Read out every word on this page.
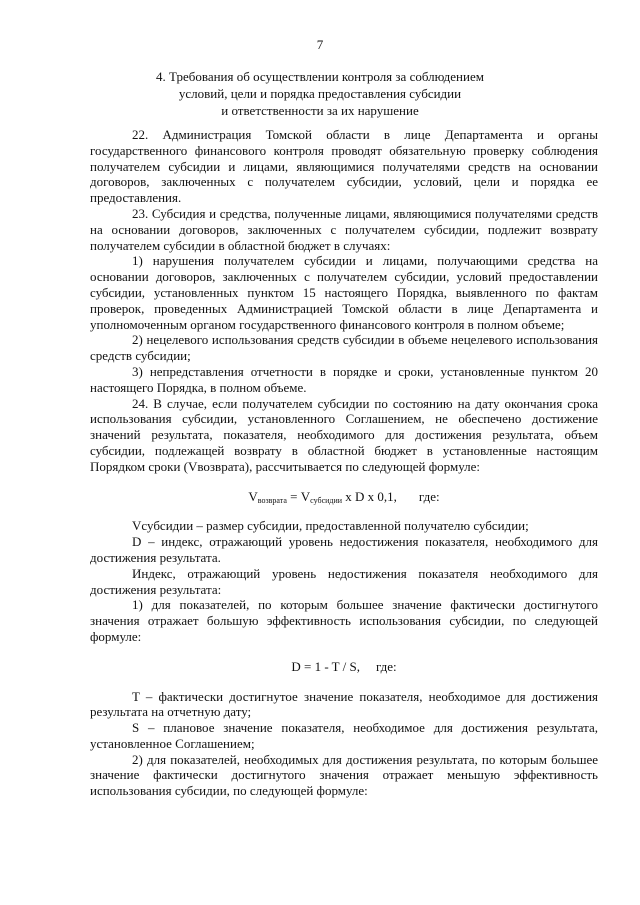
7
4. Требования об осуществлении контроля за соблюдением
условий, цели и порядка предоставления субсидии
и ответственности за их нарушение

22. Администрация Томской области в лице Департамента и органы государственного финансового контроля проводят обязательную проверку соблюдения получателем субсидии и лицами, являющимися получателями средств на основании договоров, заключенных с получателем субсидии, условий, цели и порядка ее предоставления.

23. Субсидия и средства, полученные лицами, являющимися получателями средств на основании договоров, заключенных с получателем субсидии, подлежит возврату получателем субсидии в областной бюджет в случаях:

1) нарушения получателем субсидии и лицами, получающими средства на основании договоров, заключенных с получателем субсидии, условий предоставлении субсидии, установленных пунктом 15 настоящего Порядка, выявленного по фактам проверок, проведенных Администрацией Томской области в лице Департамента и уполномоченным органом государственного финансового контроля в полном объеме;

2) нецелевого использования средств субсидии в объеме нецелевого использования средств субсидии;

3) непредставления отчетности в порядке и сроки, установленные пунктом 20 настоящего Порядка, в полном объеме.

24. В случае, если получателем субсидии по состоянию на дату окончания срока использования субсидии, установленного Соглашением, не обеспечено достижение значений результата, показателя, необходимого для достижения результата, объем субсидии, подлежащей возврату в областной бюджет в установленные настоящим Порядком сроки (Vвозврата), рассчитывается по следующей формуле:

$V_{возврата} = V_{субсидии}$ x D x 0,1, где:

Vсубсидии – размер субсидии, предоставленной получателю субсидии;

D – индекс, отражающий уровень недостижения показателя, необходимого для достижения результата.

Индекс, отражающий уровень недостижения показателя необходимого для достижения результата:

1) для показателей, по которым большее значение фактически достигнутого значения отражает большую эффективность использования субсидии, по следующей формуле:

D = 1 - T / S, где:

T – фактически достигнутое значение показателя, необходимое для достижения результата на отчетную дату;

S – плановое значение показателя, необходимое для достижения результата, установленное Соглашением;

2) для показателей, необходимых для достижения результата, по которым большее значение фактически достигнутого значения отражает меньшую эффективность использования субсидии, по следующей формуле:
